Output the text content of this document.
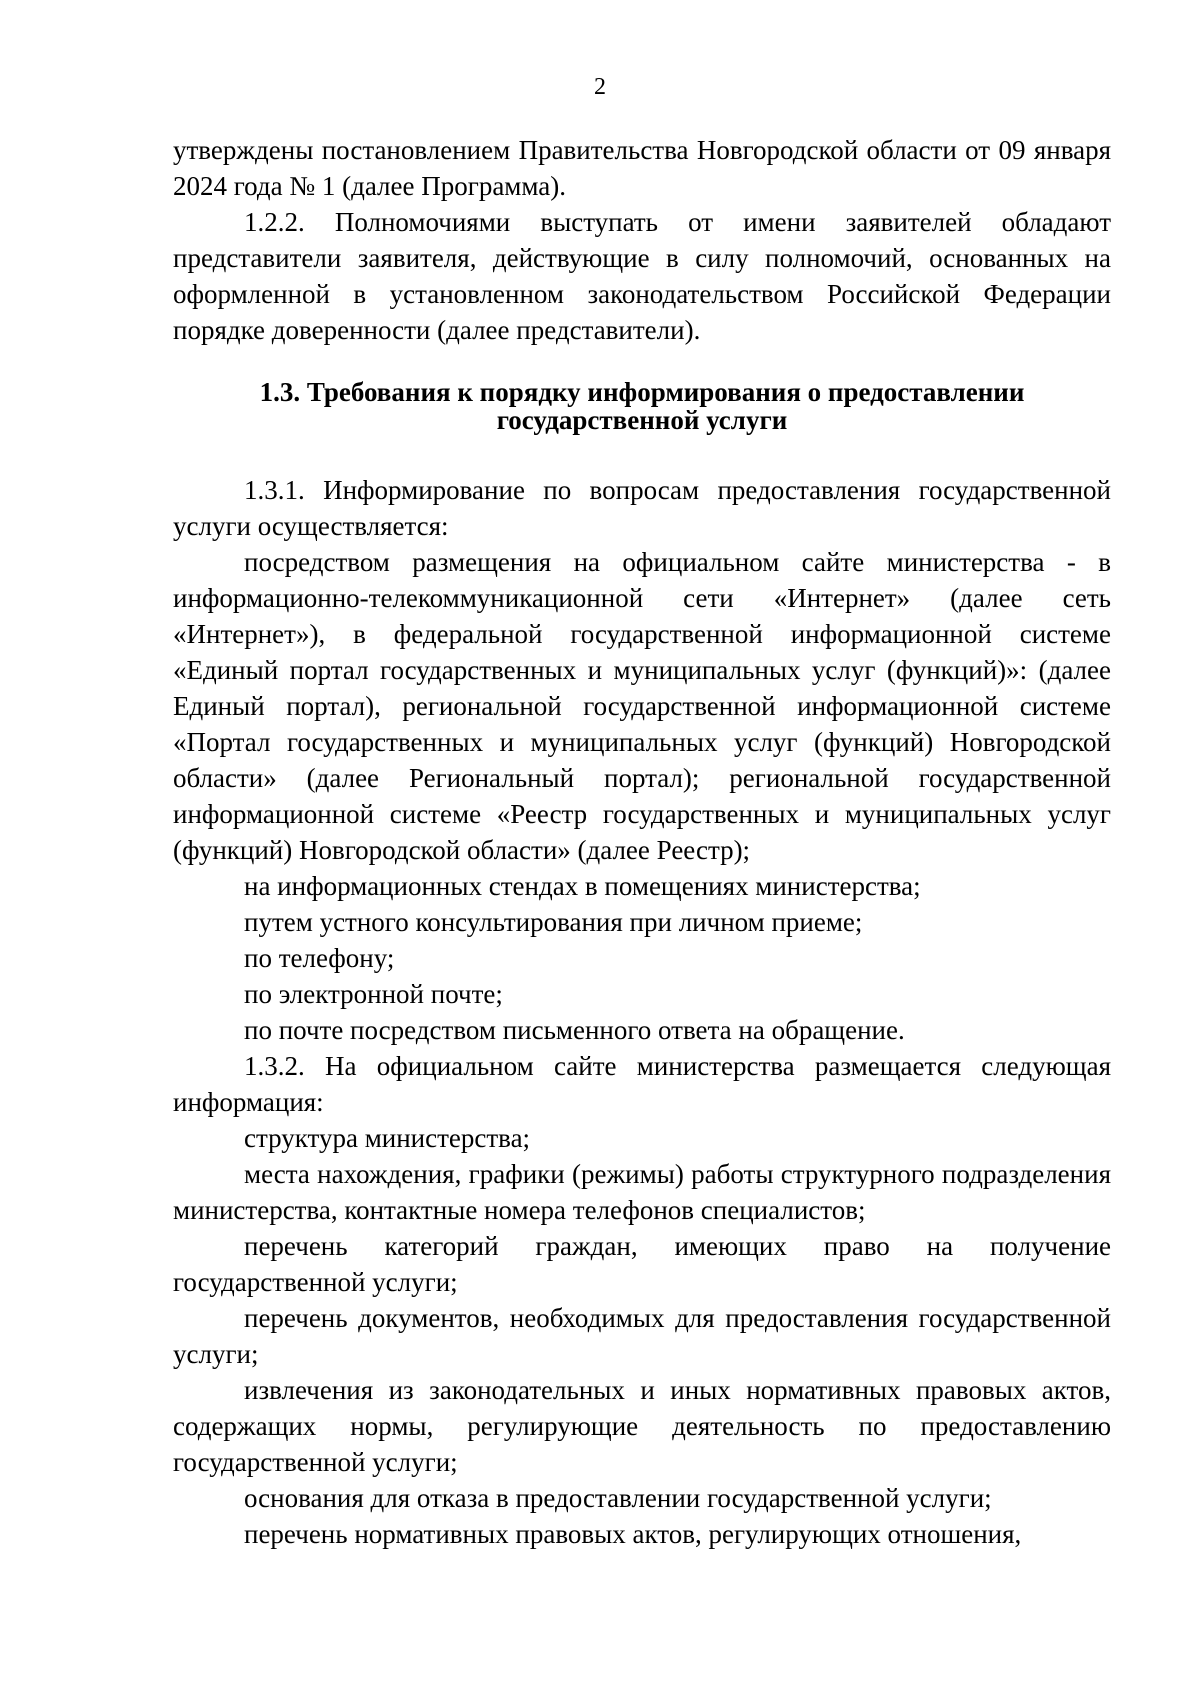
2

утверждены постановлением Правительства Новгородской области от 09 января 2024 года № 1 (далее Программа).

1.2.2. Полномочиями выступать от имени заявителей обладают представители заявителя, действующие в силу полномочий, основанных на оформленной в установленном законодательством Российской Федерации порядке доверенности (далее представители).

1.3. Требования к порядку информирования о предоставлении государственной услуги

1.3.1. Информирование по вопросам предоставления государственной услуги осуществляется:

посредством размещения на официальном сайте министерства - в информационно-телекоммуникационной сети «Интернет» (далее сеть «Интернет»), в федеральной государственной информационной системе «Единый портал государственных и муниципальных услуг (функций)»: (далее Единый портал), региональной государственной информационной системе «Портал государственных и муниципальных услуг (функций) Новгородской области» (далее Региональный портал); региональной государственной информационной системе «Реестр государственных и муниципальных услуг (функций) Новгородской области» (далее Реестр);

на информационных стендах в помещениях министерства;

путем устного консультирования при личном приеме;

по телефону;

по электронной почте;

по почте посредством письменного ответа на обращение.

1.3.2. На официальном сайте министерства размещается следующая информация:

структура министерства;

места нахождения, графики (режимы) работы структурного подразделения министерства, контактные номера телефонов специалистов;

перечень категорий граждан, имеющих право на получение государственной услуги;

перечень документов, необходимых для предоставления государственной услуги;

извлечения из законодательных и иных нормативных правовых актов, содержащих нормы, регулирующие деятельность по предоставлению государственной услуги;

основания для отказа в предоставлении государственной услуги;

перечень нормативных правовых актов, регулирующих отношения,
